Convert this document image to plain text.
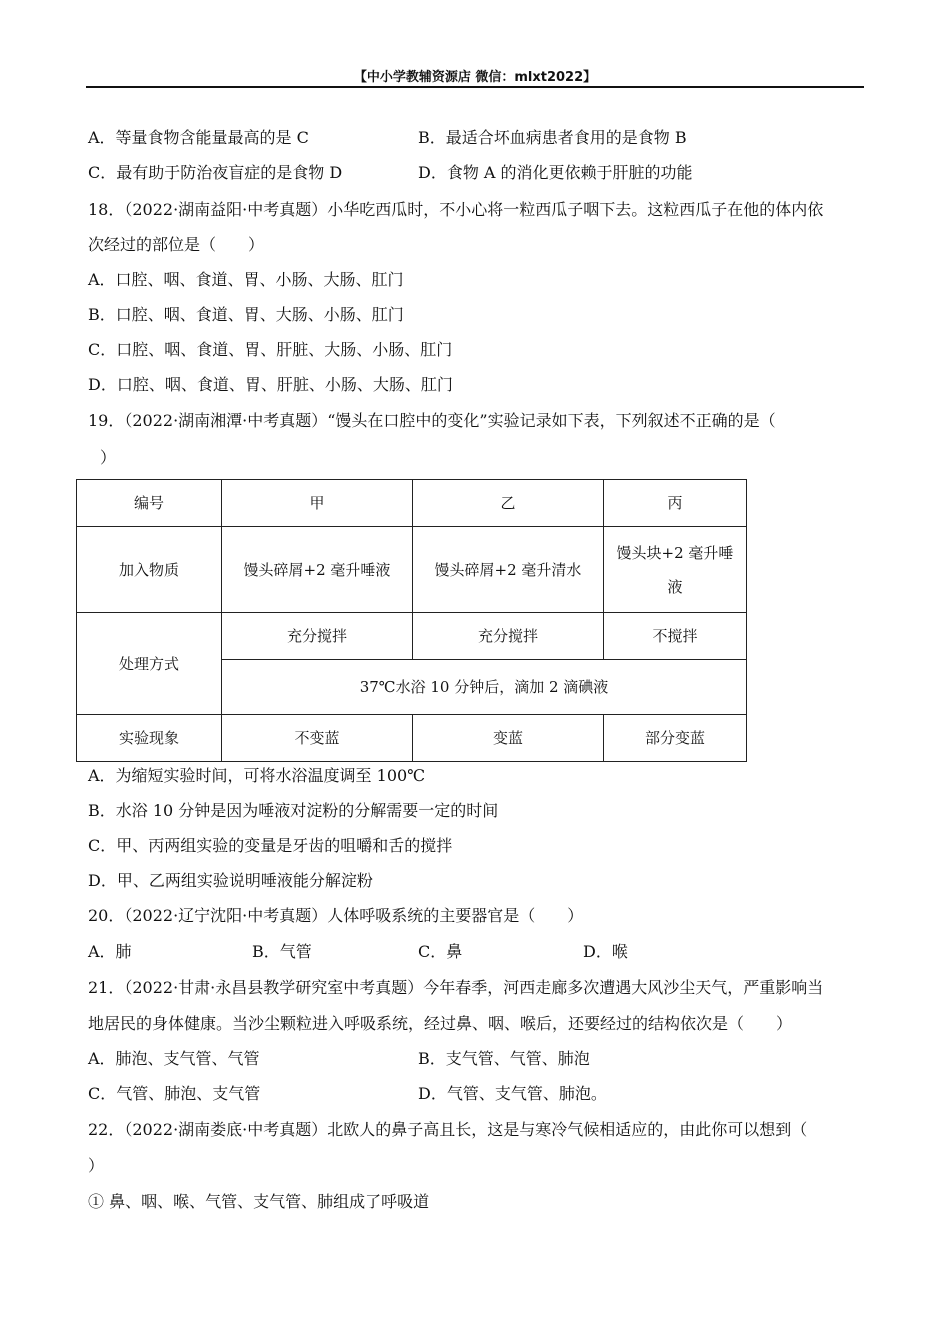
【中小学教辅资源店 微信：mlxt2022】
A．等量食物含能量最高的是 C	B．最适合坏血病患者食用的是食物 B
C．最有助于防治夜盲症的是食物 D	D．食物 A 的消化更依赖于肝脏的功能
18．（2022·湖南益阳·中考真题）小华吃西瓜时，不小心将一粒西瓜子咽下去。这粒西瓜子在他的体内依
次经过的部位是（　　）
A．口腔、咽、食道、胃、小肠、大肠、肛门
B．口腔、咽、食道、胃、大肠、小肠、肛门
C．口腔、咽、食道、胃、肝脏、大肠、小肠、肛门
D．口腔、咽、食道、胃、肝脏、小肠、大肠、肛门
19．（2022·湖南湘潭·中考真题）“馒头在口腔中的变化”实验记录如下表，下列叙述不正确的是（
）
编号	甲	乙	丙
加入物质	馒头碎屑+2 毫升唾液	馒头碎屑+2 毫升清水	馒头块+2 毫升唾液
处理方式	充分搅拌	充分搅拌	不搅拌
	37℃水浴 10 分钟后，滴加 2 滴碘液		
实验现象	不变蓝	变蓝	部分变蓝
A．为缩短实验时间，可将水浴温度调至 100℃
B．水浴 10 分钟是因为唾液对淀粉的分解需要一定的时间
C．甲、丙两组实验的变量是牙齿的咀嚼和舌的搅拌
D．甲、乙两组实验说明唾液能分解淀粉
20．（2022·辽宁沈阳·中考真题）人体呼吸系统的主要器官是（　　）
A．肺	B．气管	C．鼻	D．喉
21．（2022·甘肃·永昌县教学研究室中考真题）今年春季，河西走廊多次遭遇大风沙尘天气，严重影响当
地居民的身体健康。当沙尘颗粒进入呼吸系统，经过鼻、咽、喉后，还要经过的结构依次是（　　）
A．肺泡、支气管、气管	B．支气管、气管、肺泡
C．气管、肺泡、支气管	D．气管、支气管、肺泡。
22．（2022·湖南娄底·中考真题）北欧人的鼻子高且长，这是与寒冷气候相适应的，由此你可以想到（
）
① 鼻、咽、喉、气管、支气管、肺组成了呼吸道
